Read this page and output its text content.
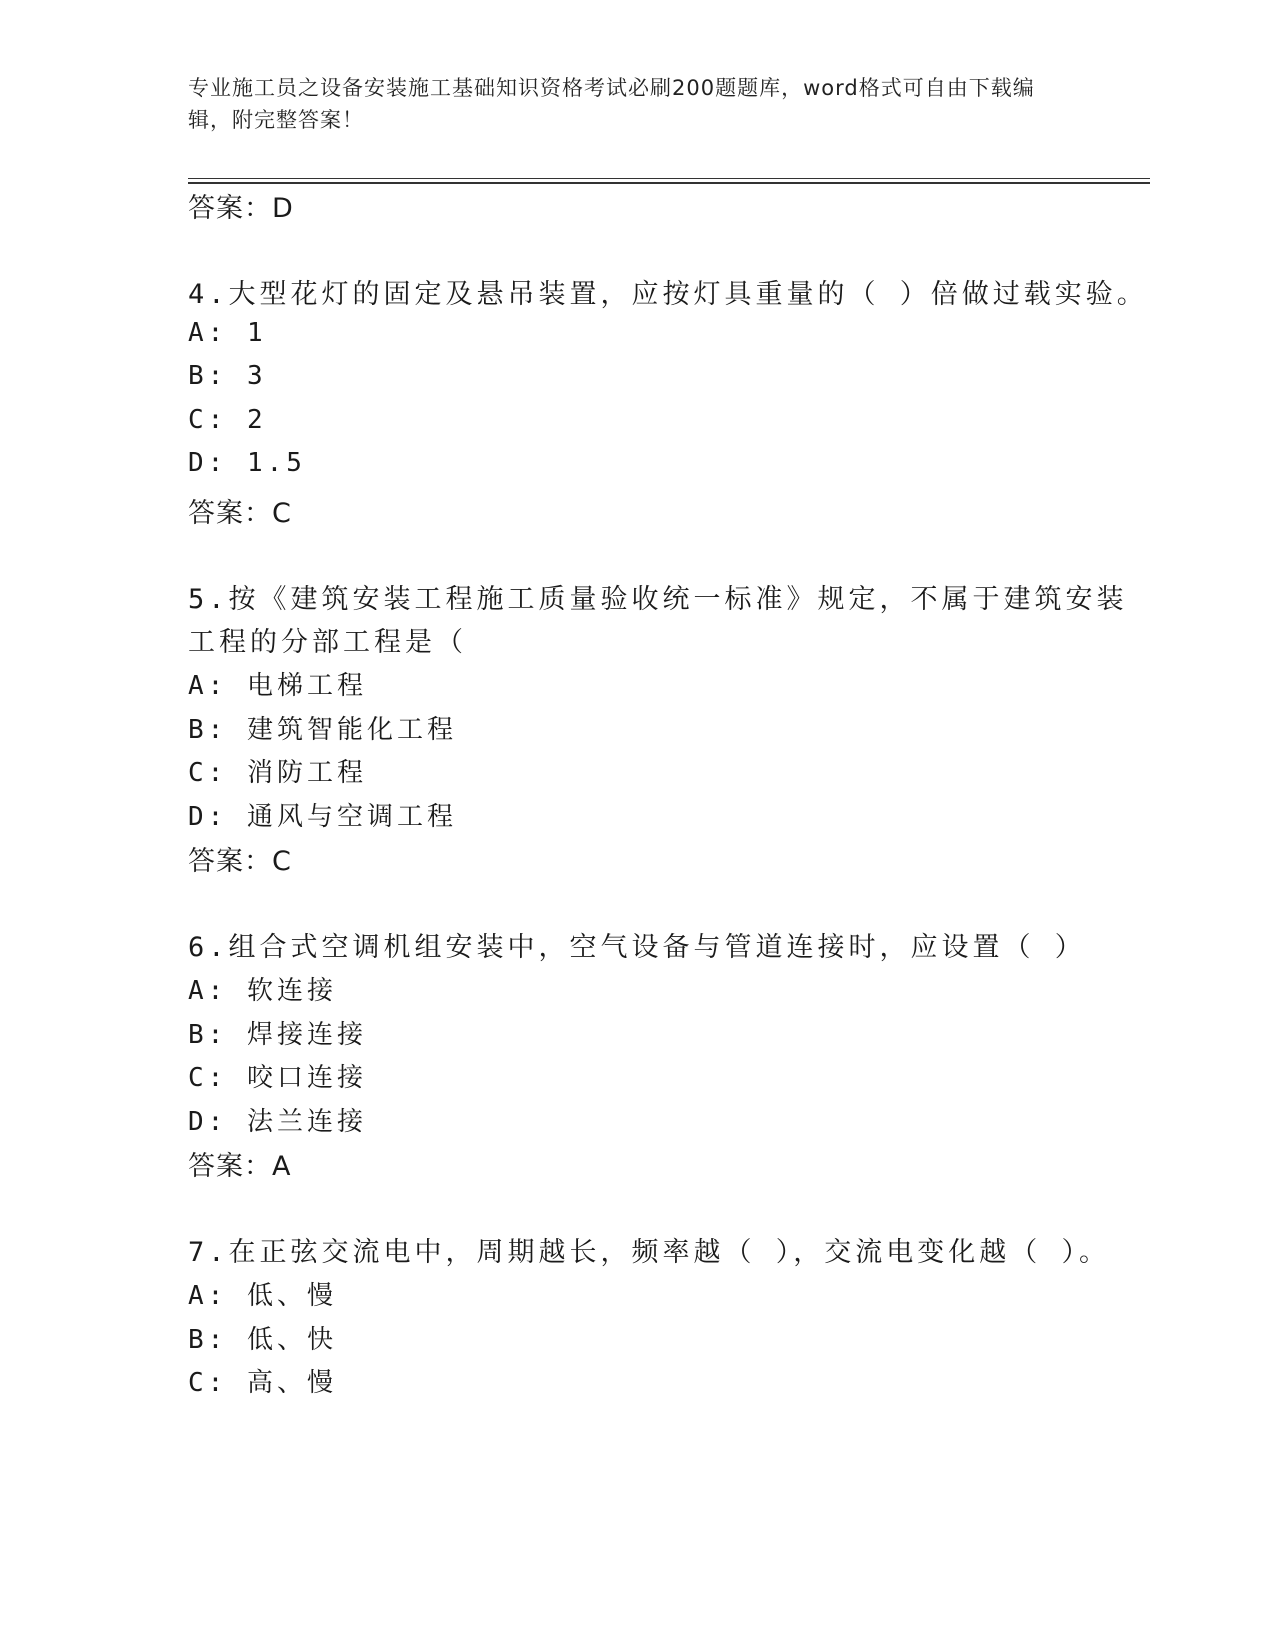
专业施工员之设备安装施工基础知识资格考试必刷200题题库，word格式可自由下载编辑，附完整答案！
答案：D
4.大型花灯的固定及悬吊装置，应按灯具重量的（ ）倍做过载实验。
A: 1
B: 3
C: 2
D: 1.5
答案：C
5.按《建筑安装工程施工质量验收统一标准》规定，不属于建筑安装
工程的分部工程是（
A: 电梯工程
B: 建筑智能化工程
C: 消防工程
D: 通风与空调工程
答案：C
6.组合式空调机组安装中，空气设备与管道连接时，应设置（ ）
A: 软连接
B: 焊接连接
C: 咬口连接
D: 法兰连接
答案：A
7.在正弦交流电中，周期越长，频率越（ ），交流电变化越（ ）。
A: 低、慢
B: 低、快
C: 高、慢
